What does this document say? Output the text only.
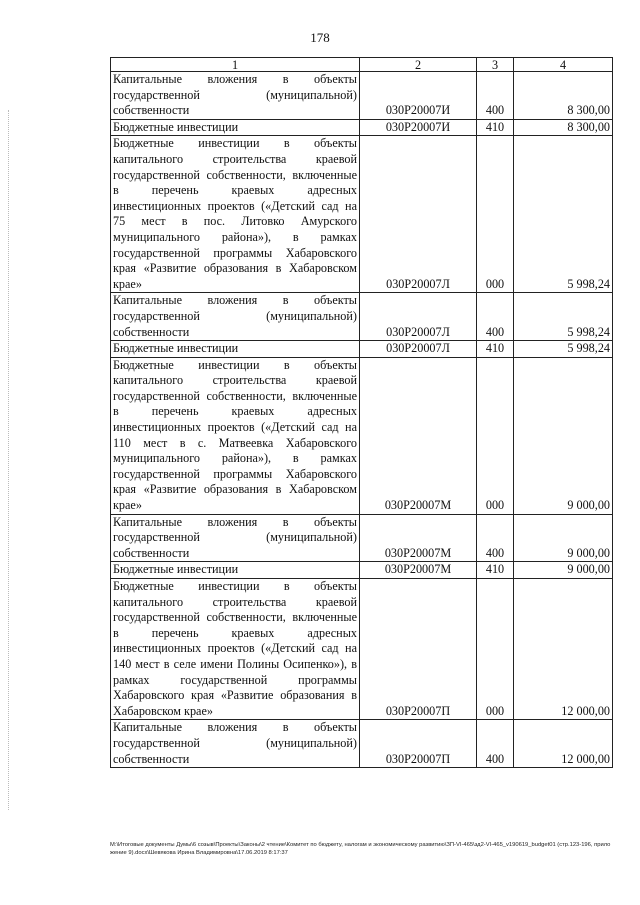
178
1	2	3	4
Капитальные вложения в объекты государственной (муниципальной) собственности	030Р20007И	400	8 300,00
Бюджетные инвестиции	030Р20007И	410	8 300,00
Бюджетные инвестиции в объекты капитального строительства краевой государственной собственности, включенные в перечень краевых адресных инвестиционных проектов («Детский сад на 75 мест в пос. Литовко Амурского муниципального района»), в рамках государственной программы Хабаровского края «Развитие образования в Хабаровском крае»	030Р20007Л	000	5 998,24
Капитальные вложения в объекты государственной (муниципальной) собственности	030Р20007Л	400	5 998,24
Бюджетные инвестиции	030Р20007Л	410	5 998,24
Бюджетные инвестиции в объекты капитального строительства краевой государственной собственности, включенные в перечень краевых адресных инвестиционных проектов («Детский сад на 110 мест в с. Матвеевка Хабаровского муниципального района»), в рамках государственной программы Хабаровского края «Развитие образования в Хабаровском крае»	030Р20007М	000	9 000,00
Капитальные вложения в объекты государственной (муниципальной) собственности	030Р20007М	400	9 000,00
Бюджетные инвестиции	030Р20007М	410	9 000,00
Бюджетные инвестиции в объекты капитального строительства краевой государственной собственности, включенные в перечень краевых адресных инвестиционных проектов («Детский сад на 140 мест в селе имени Полины Осипенко»), в рамках государственной программы Хабаровского края «Развитие образования в Хабаровском крае»	030Р20007П	000	12 000,00
Капитальные вложения в объекты государственной (муниципальной) собственности	030Р20007П	400	12 000,00
M:\Итоговые документы Думы\6 созыв\Проекты\Законы\2 чтение\Комитет по бюджету, налогам и экономическому развитию\ЗП-VI-465\зд2-VI-465_v190619_budget01 (стр.123-196, приложение 9).docx\Шевякова Ирина Владимировна\17.06.2019 8:17:37
